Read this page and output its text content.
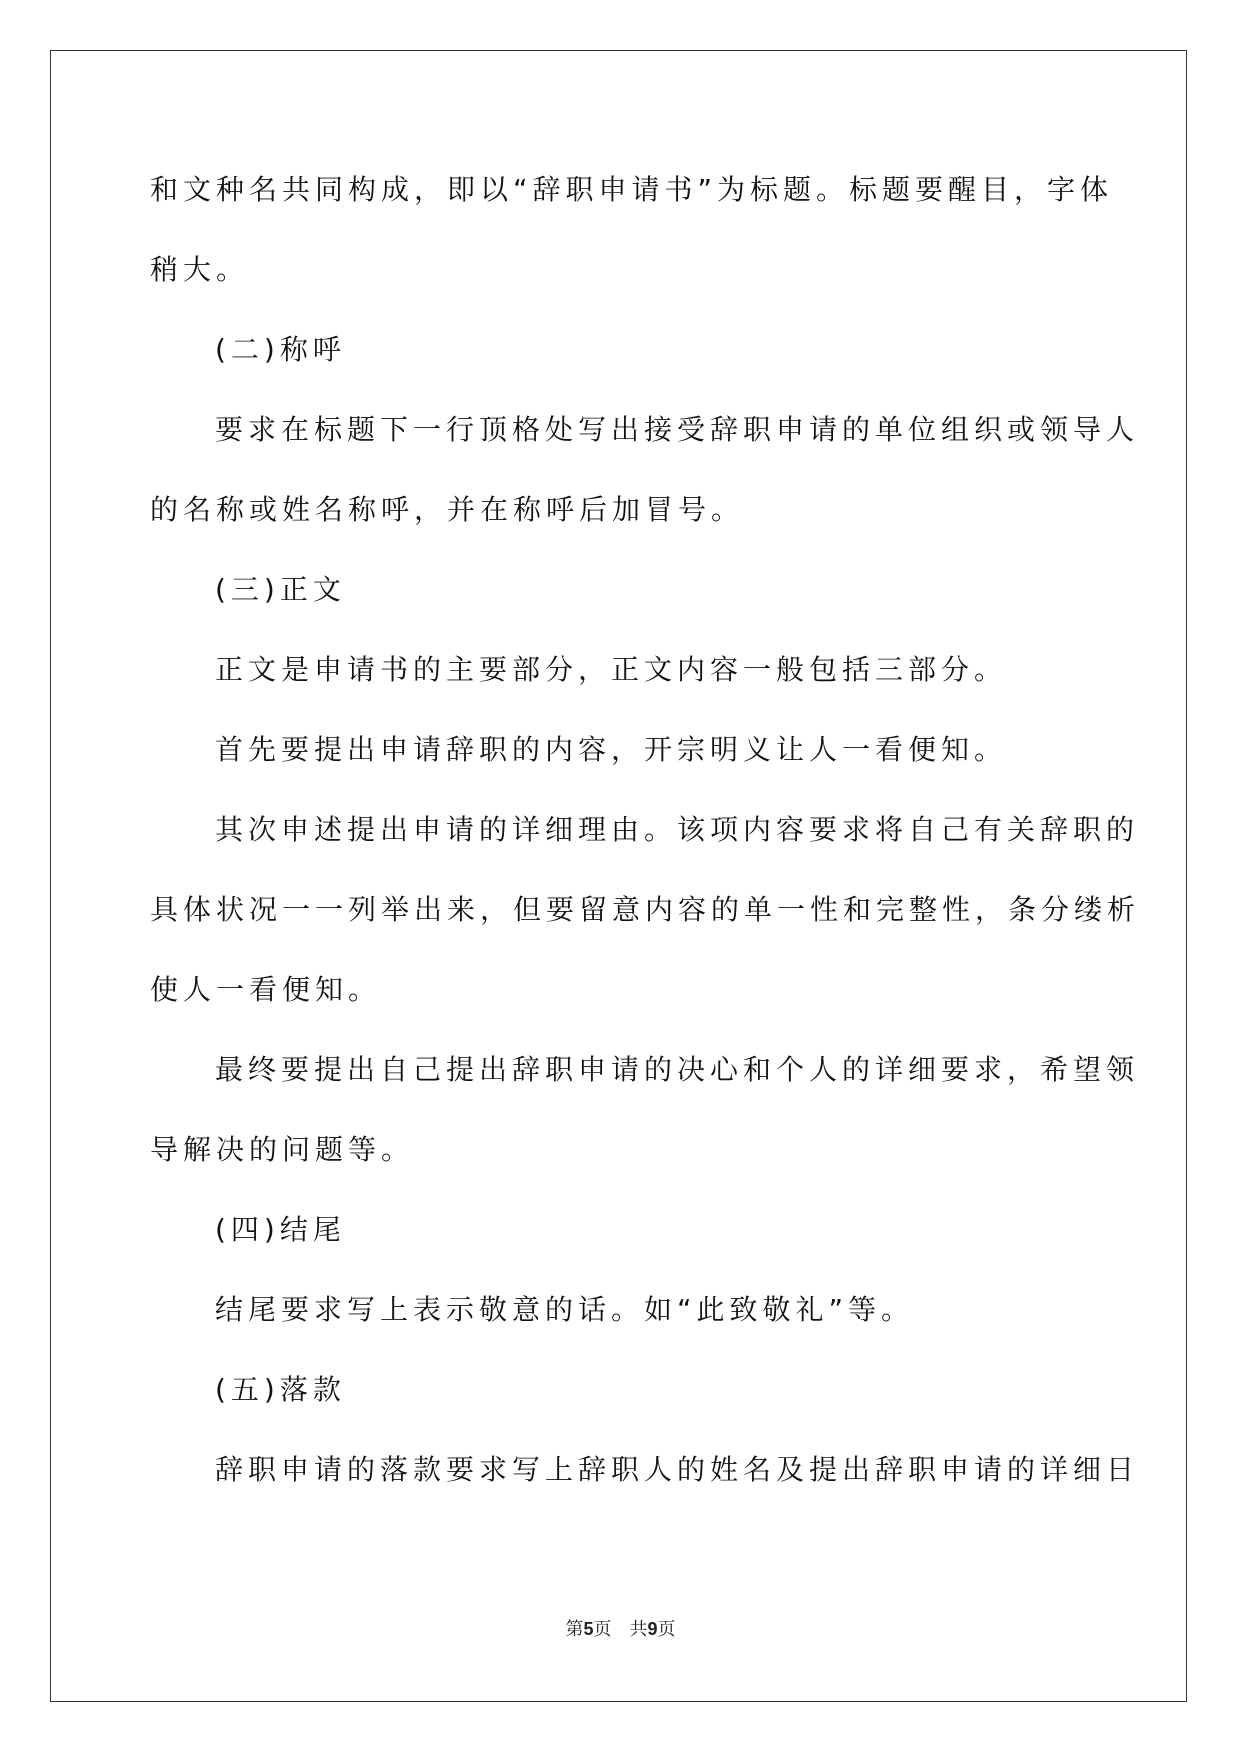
和文种名共同构成，即以“辞职申请书”为标题。标题要醒目，字体
稍大。
(二)称呼
要求在标题下一行顶格处写出接受辞职申请的单位组织或领导人
的名称或姓名称呼，并在称呼后加冒号。
(三)正文
正文是申请书的主要部分，正文内容一般包括三部分。
首先要提出申请辞职的内容，开宗明义让人一看便知。
其次申述提出申请的详细理由。该项内容要求将自己有关辞职的
具体状况一一列举出来，但要留意内容的单一性和完整性，条分缕析
使人一看便知。
最终要提出自己提出辞职申请的决心和个人的详细要求，希望领
导解决的问题等。
(四)结尾
结尾要求写上表示敬意的话。如“此致敬礼”等。
(五)落款
辞职申请的落款要求写上辞职人的姓名及提出辞职申请的详细日
第5页 共9页
